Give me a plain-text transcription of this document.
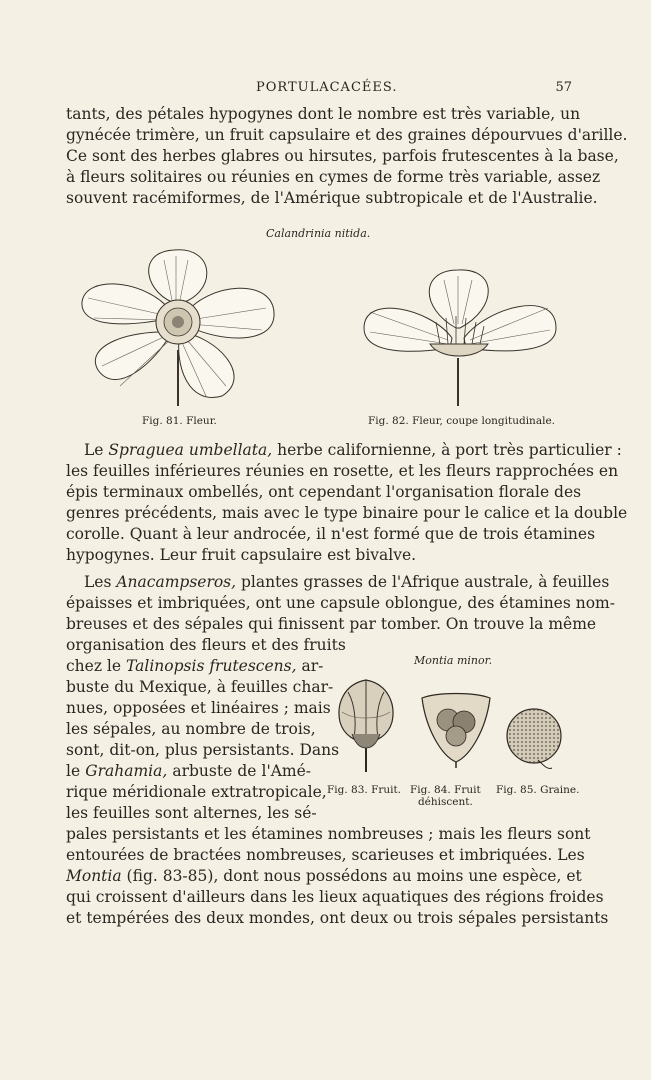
PORTULACACÉES.	57
tants, des pétales hypogynes dont le nombre est très variable, un
gynécée trimère, un fruit capsulaire et des graines dépourvues d'arille.
Ce sont des herbes glabres ou hirsutes, parfois frutescentes à la base,
à fleurs solitaires ou réunies en cymes de forme très variable, assez
souvent racémiformes, de l'Amérique subtropicale et de l'Australie.
Calandrinia nitida.
Fig. 81. Fleur.	Fig. 82. Fleur, coupe longitudinale.
Le Spraguea umbellata, herbe californienne, à port très particulier :
les feuilles inférieures réunies en rosette, et les fleurs rapprochées en
épis terminaux ombellés, ont cependant l'organisation florale des
genres précédents, mais avec le type binaire pour le calice et la double
corolle. Quant à leur androcée, il n'est formé que de trois étamines
hypogynes. Leur fruit capsulaire est bivalve.
Les Anacampseros, plantes grasses de l'Afrique australe, à feuilles
épaisses et imbriquées, ont une capsule oblongue, des étamines nom-
breuses et des sépales qui finissent par tomber. On trouve la même
organisation des fleurs et des fruits
chez le Talinopsis frutescens, ar-
buste du Mexique, à feuilles char-
nues, opposées et linéaires ; mais
les sépales, au nombre de trois,
sont, dit-on, plus persistants. Dans
le Grahamia, arbuste de l'Amé-
rique méridionale extratropicale,
les feuilles sont alternes, les sé-
pales persistants et les étamines nombreuses ; mais les fleurs sont
entourées de bractées nombreuses, scarieuses et imbriquées. Les
Montia (fig. 83-85), dont nous possédons au moins une espèce, et
qui croissent d'ailleurs dans les lieux aquatiques des régions froides
et tempérées des deux mondes, ont deux ou trois sépales persistants
Montia minor.
Fig. 83. Fruit. Fig. 84. Fruit
déhiscent.
Fig. 85. Graine.
